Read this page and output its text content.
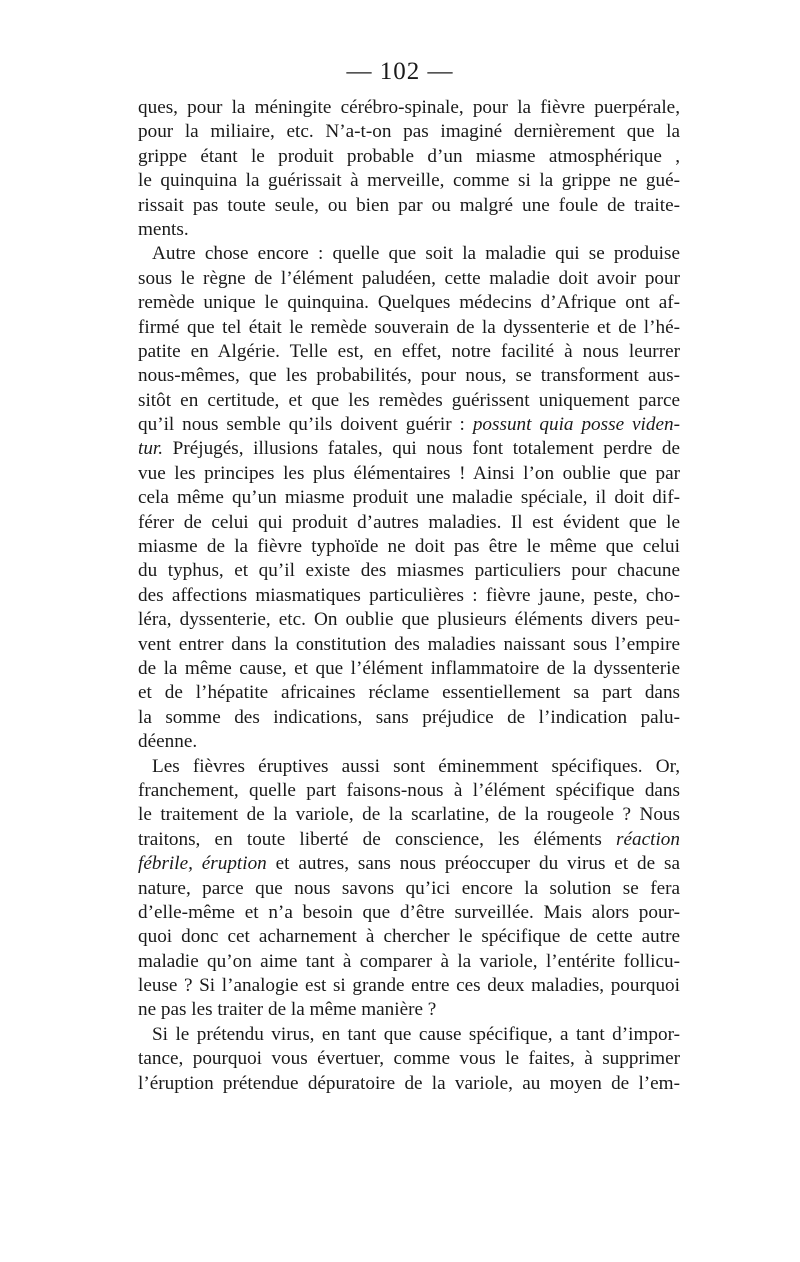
— 102 —
ques, pour la méningite cérébro-spinale, pour la fièvre puerpérale,
pour la miliaire, etc. N’a-t-on pas imaginé dernièrement que la
grippe étant le produit probable d’un miasme atmosphérique ,
le quinquina la guérissait à merveille, comme si la grippe ne gué-
rissait pas toute seule, ou bien par ou malgré une foule de traite-
ments.
Autre chose encore : quelle que soit la maladie qui se produise
sous le règne de l’élément paludéen, cette maladie doit avoir pour
remède unique le quinquina. Quelques médecins d’Afrique ont af-
firmé que tel était le remède souverain de la dyssenterie et de l’hé-
patite en Algérie. Telle est, en effet, notre facilité à nous leurrer
nous-mêmes, que les probabilités, pour nous, se transforment aus-
sitôt en certitude, et que les remèdes guérissent uniquement parce
qu’il nous semble qu’ils doivent guérir : possunt quia posse viden-
tur. Préjugés, illusions fatales, qui nous font totalement perdre de
vue les principes les plus élémentaires ! Ainsi l’on oublie que par
cela même qu’un miasme produit une maladie spéciale, il doit dif-
férer de celui qui produit d’autres maladies. Il est évident que le
miasme de la fièvre typhoïde ne doit pas être le même que celui
du typhus, et qu’il existe des miasmes particuliers pour chacune
des affections miasmatiques particulières : fièvre jaune, peste, cho-
léra, dyssenterie, etc. On oublie que plusieurs éléments divers peu-
vent entrer dans la constitution des maladies naissant sous l’empire
de la même cause, et que l’élément inflammatoire de la dyssenterie
et de l’hépatite africaines réclame essentiellement sa part dans
la somme des indications, sans préjudice de l’indication palu-
déenne.
Les fièvres éruptives aussi sont éminemment spécifiques. Or,
franchement, quelle part faisons-nous à l’élément spécifique dans
le traitement de la variole, de la scarlatine, de la rougeole ? Nous
traitons, en toute liberté de conscience, les éléments réaction
fébrile, éruption et autres, sans nous préoccuper du virus et de sa
nature, parce que nous savons qu’ici encore la solution se fera
d’elle-même et n’a besoin que d’être surveillée. Mais alors pour-
quoi donc cet acharnement à chercher le spécifique de cette autre
maladie qu’on aime tant à comparer à la variole, l’entérite follicu-
leuse ? Si l’analogie est si grande entre ces deux maladies, pourquoi
ne pas les traiter de la même manière ?
Si le prétendu virus, en tant que cause spécifique, a tant d’impor-
tance, pourquoi vous évertuer, comme vous le faites, à supprimer
l’éruption prétendue dépuratoire de la variole, au moyen de l’em-
